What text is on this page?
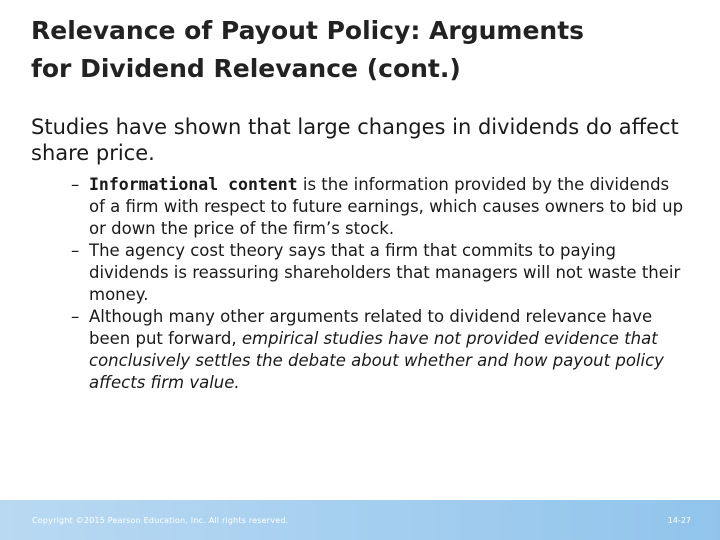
Relevance of Payout Policy: Arguments
for Dividend Relevance (cont.)

Studies have shown that large changes in dividends do affect share price.

– Informational content is the information provided by the dividends of a firm with respect to future earnings, which causes owners to bid up or down the price of the firm’s stock.
– The agency cost theory says that a firm that commits to paying dividends is reassuring shareholders that managers will not waste their money.
– Although many other arguments related to dividend relevance have been put forward, empirical studies have not provided evidence that conclusively settles the debate about whether and how payout policy affects firm value.
Copyright ©2015 Pearson Education, Inc. All rights reserved.	14-27
